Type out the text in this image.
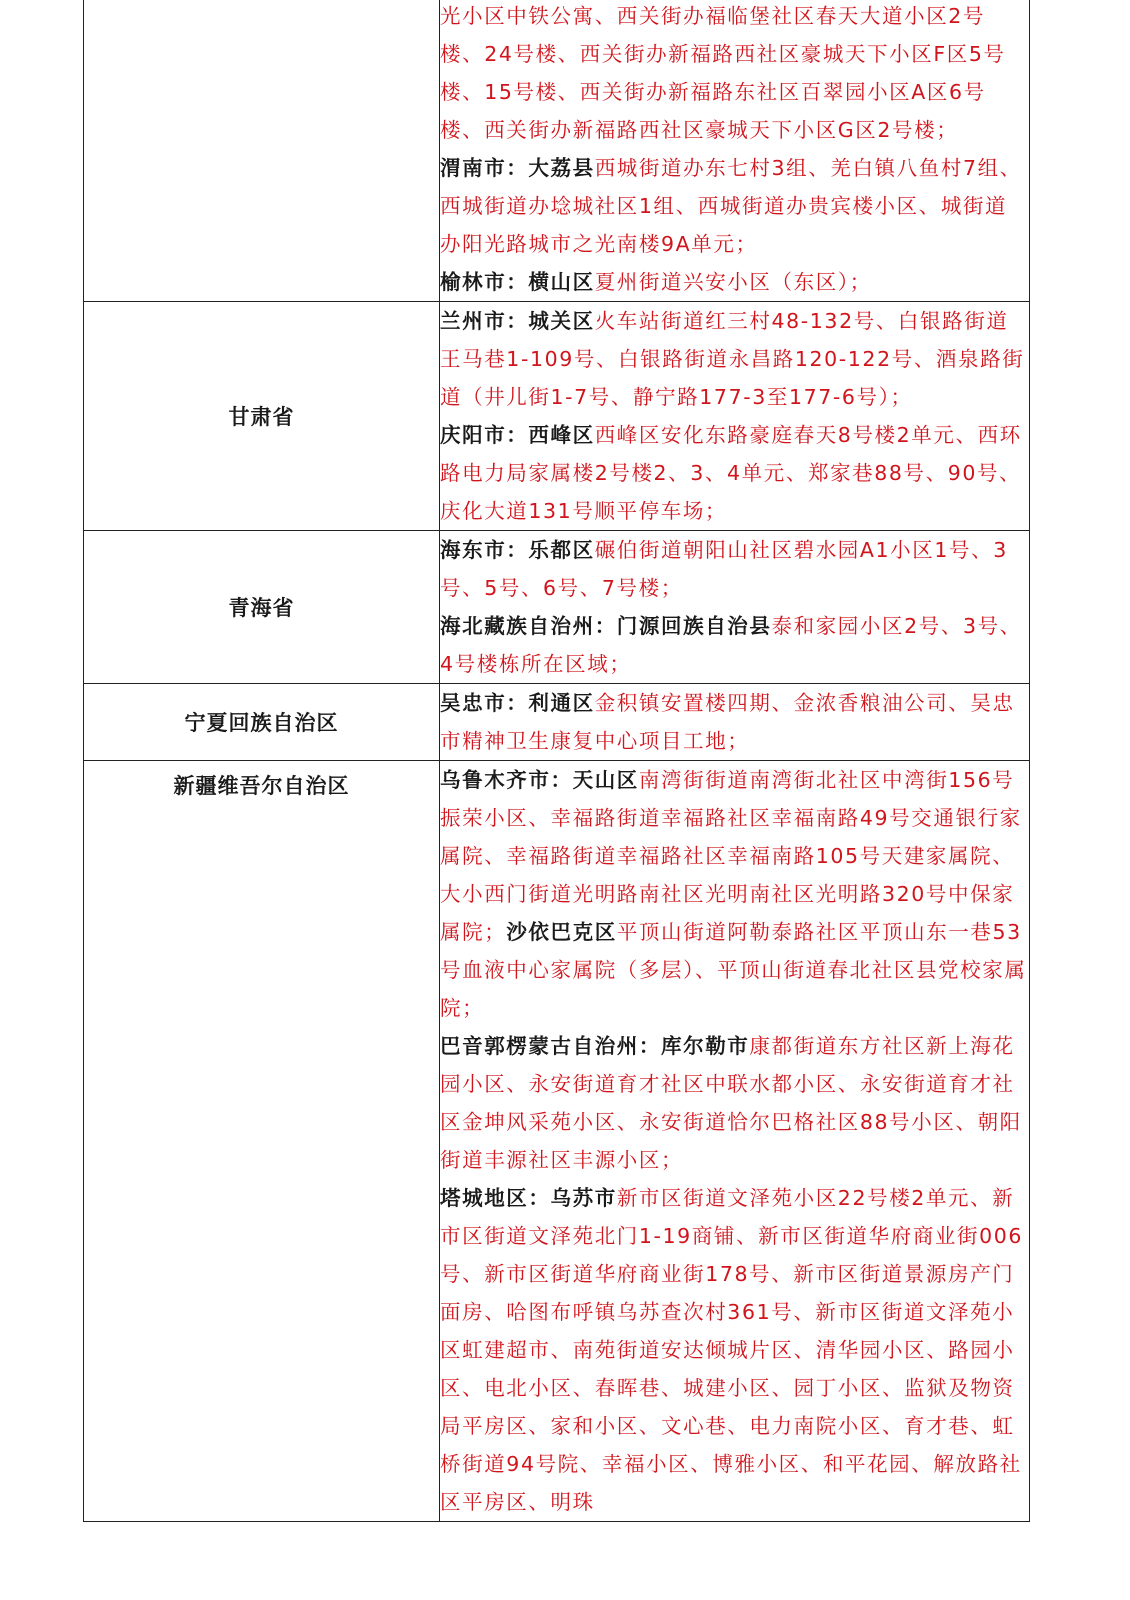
	光小区中铁公寓、西关街办福临堡社区春天大道小区2号楼、24号楼、西关街办新福路西社区豪城天下小区F区5号楼、15号楼、西关街办新福路东社区百翠园小区A区6号楼、西关街办新福路西社区豪城天下小区G区2号楼；

渭南市：大荔县西城街道办东七村3组、羌白镇八鱼村7组、西城街道办埝城社区1组、西城街道办贵宾楼小区、城街道办阳光路城市之光南楼9A单元；

榆林市：横山区夏州街道兴安小区（东区）；

甘肃省	兰州市：城关区火车站街道红三村48-132号、白银路街道王马巷1-109号、白银路街道永昌路120-122号、酒泉路街道（井儿街1-7号、静宁路177-3至177-6号）；

庆阳市：西峰区西峰区安化东路豪庭春天8号楼2单元、西环路电力局家属楼2号楼2、3、4单元、郑家巷88号、90号、庆化大道131号顺平停车场；

青海省	海东市：乐都区碾伯街道朝阳山社区碧水园A1小区1号、3号、5号、6号、7号楼；

海北藏族自治州：门源回族自治县泰和家园小区2号、3号、4号楼栋所在区域；

宁夏回族自治区	吴忠市：利通区金积镇安置楼四期、金浓香粮油公司、吴忠市精神卫生康复中心项目工地；

新疆维吾尔自治区	乌鲁木齐市：天山区南湾街街道南湾街北社区中湾街156号振荣小区、幸福路街道幸福路社区幸福南路49号交通银行家属院、幸福路街道幸福路社区幸福南路105号天建家属院、大小西门街道光明路南社区光明南社区光明路320号中保家属院；沙依巴克区平顶山街道阿勒泰路社区平顶山东一巷53号血液中心家属院（多层）、平顶山街道春北社区县党校家属院；

巴音郭楞蒙古自治州：库尔勒市康都街道东方社区新上海花园小区、永安街道育才社区中联水都小区、永安街道育才社区金坤风采苑小区、永安街道恰尔巴格社区88号小区、朝阳街道丰源社区丰源小区；

塔城地区：乌苏市新市区街道文泽苑小区22号楼2单元、新市区街道文泽苑北门1-19商铺、新市区街道华府商业街006号、新市区街道华府商业街178号、新市区街道景源房产门面房、哈图布呼镇乌苏查次村361号、新市区街道文泽苑小区虹建超市、南苑街道安达倾城片区、清华园小区、路园小区、电北小区、春晖巷、城建小区、园丁小区、监狱及物资局平房区、家和小区、文心巷、电力南院小区、育才巷、虹桥街道94号院、幸福小区、博雅小区、和平花园、解放路社区平房区、明珠
